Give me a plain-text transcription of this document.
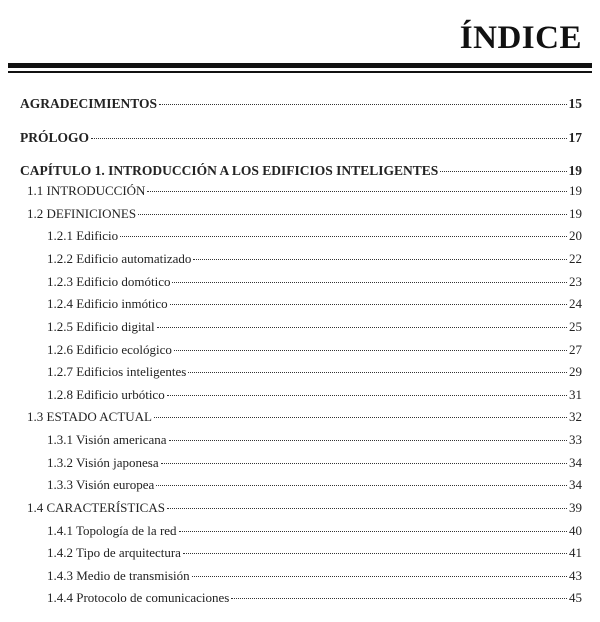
ÍNDICE
AGRADECIMIENTOS	15
PRÓLOGO	17
CAPÍTULO 1. INTRODUCCIÓN A LOS EDIFICIOS INTELIGENTES	19
1.1 INTRODUCCIÓN	19
1.2 DEFINICIONES	19
1.2.1 Edificio	20
1.2.2 Edificio automatizado	22
1.2.3 Edificio domótico	23
1.2.4 Edificio inmótico	24
1.2.5 Edificio digital	25
1.2.6 Edificio ecológico	27
1.2.7 Edificios inteligentes	29
1.2.8 Edificio urbótico	31
1.3 ESTADO ACTUAL	32
1.3.1 Visión americana	33
1.3.2 Visión japonesa	34
1.3.3 Visión europea	34
1.4 CARACTERÍSTICAS	39
1.4.1 Topología de la red	40
1.4.2 Tipo de arquitectura	41
1.4.3 Medio de transmisión	43
1.4.4 Protocolo de comunicaciones	45
